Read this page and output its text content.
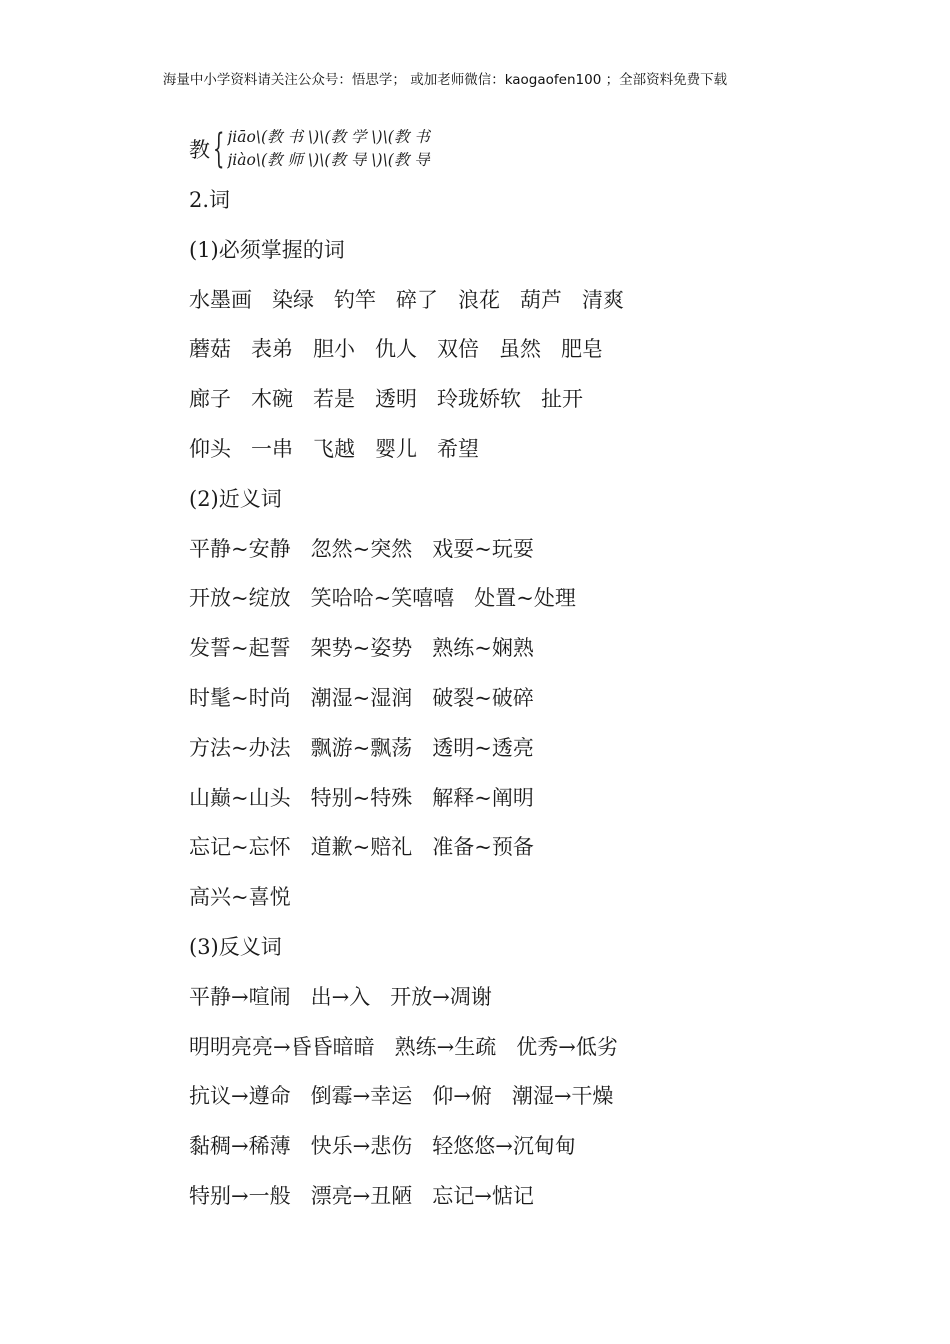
海量中小学资料请关注公众号：悟思学； 或加老师微信：kaogaofen100 ；全部资料免费下载
教 { jiāo\(教 书 \)\(教 学 \)\(教 书
jiào\(教 师 \)\(教 导 \)\(教 导
2.词
(1)必须掌握的词
水墨画 染绿 钓竿 碎了 浪花 葫芦 清爽
蘑菇 表弟 胆小 仇人 双倍 虽然 肥皂
廊子 木碗 若是 透明 玲珑娇软 扯开
仰头 一串 飞越 婴儿 希望
(2)近义词
平静~安静 忽然~突然 戏耍~玩耍
开放~绽放 笑哈哈~笑嘻嘻 处置~处理
发誓~起誓 架势~姿势 熟练~娴熟
时髦~时尚 潮湿~湿润 破裂~破碎
方法~办法 飘游~飘荡 透明~透亮
山巅~山头 特别~特殊 解释~阐明
忘记~忘怀 道歉~赔礼 准备~预备
高兴~喜悦
(3)反义词
平静→喧闹 出→入 开放→凋谢
明明亮亮→昏昏暗暗 熟练→生疏 优秀→低劣
抗议→遵命 倒霉→幸运 仰→俯 潮湿→干燥
黏稠→稀薄 快乐→悲伤 轻悠悠→沉甸甸
特别→一般 漂亮→丑陋 忘记→惦记
